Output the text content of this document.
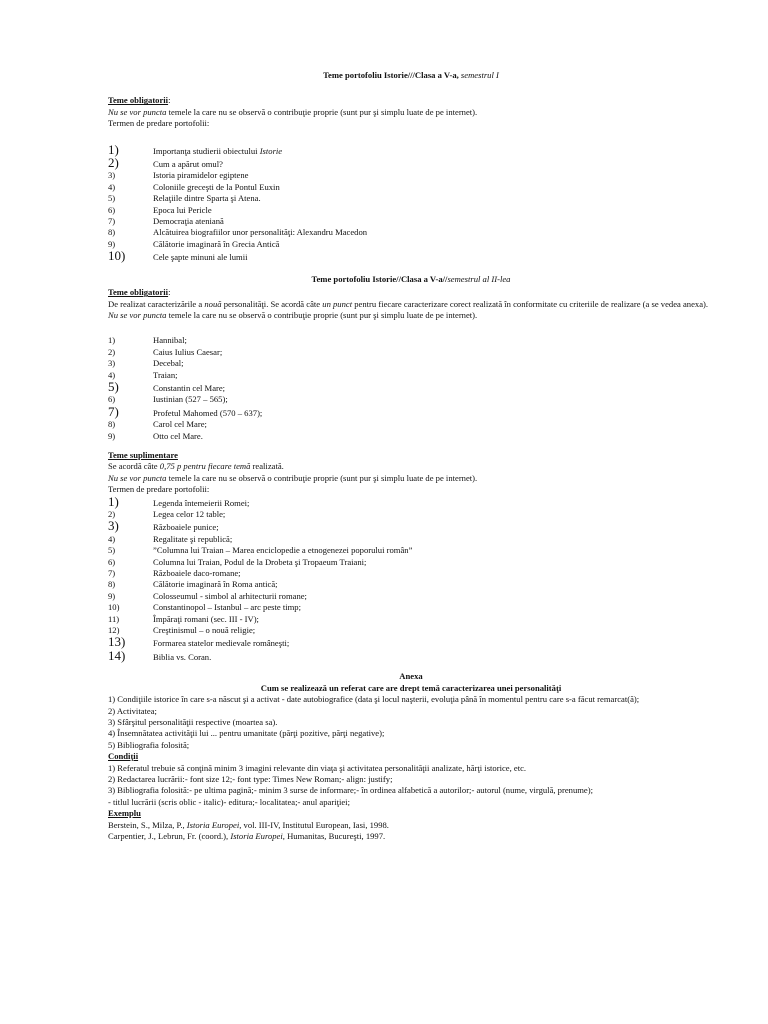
Teme portofoliu Istorie///Clasa a V-a, semestrul I
Teme obligatorii:
Nu se vor puncta temele la care nu se observă o contribuţie proprie (sunt pur şi simplu luate de pe internet).
Termen de predare portofolii:
1)	Importanţa studierii obiectului Istorie
2)	Cum a apărut omul?
3)	Istoria piramidelor egiptene
4)	Coloniile greceşti de la Pontul Euxin
5)	Relaţiile dintre Sparta şi Atena.
6)	Epoca lui Pericle
7)	Democraţia ateniană
8)	Alcătuirea biografiilor unor personalităţi: Alexandru Macedon
9)	Călătorie imaginară în Grecia Antică
10)	Cele şapte minuni ale lumii
Teme portofoliu Istorie//Clasa a V-a//semestrul al II-lea
Teme obligatorii:
De realizat caracterizările a nouă personalităţi. Se acordă câte un punct pentru fiecare caracterizare corect realizată în conformitate cu criteriile de realizare (a se vedea anexa).
Nu se vor puncta temele la care nu se observă o contribuţie proprie (sunt pur şi simplu luate de pe internet).
1)	Hannibal;
2)	Caius Iulius Caesar;
3)	Decebal;
4)	Traian;
5)	Constantin cel Mare;
6)	Iustinian (527 – 565);
7)	Profetul Mahomed (570 – 637);
8)	Carol cel Mare;
9)	Otto cel Mare.
Teme suplimentare
Se acordă câte 0,75 p pentru fiecare temă realizată.
Nu se vor puncta temele la care nu se observă o contribuţie proprie (sunt pur şi simplu luate de pe internet).
Termen de predare portofolii:
1)	Legenda întemeierii Romei;
2)	Legea celor 12 table;
3)	Războaiele punice;
4)	Regalitate şi republică;
5)	”Columna lui Traian – Marea enciclopedie a etnogenezei poporului român”
6)	Columna lui Traian, Podul de la Drobeta şi Tropaeum Traiani;
7)	Războaiele daco-romane;
8)	Călătorie imaginară în Roma antică;
9)	Colosseumul - simbol al arhitecturii romane;
10)	Constantinopol – Istanbul – arc peste timp;
11)	Împăraţi romani (sec. III - IV);
12)	Creştinismul – o nouă religie;
13)	Formarea statelor medievale româneşti;
14)	Biblia vs. Coran.
Anexa
Cum se realizează un referat care are drept temă caracterizarea unei personalităţi
1) Condiţiile istorice în care s-a născut şi a activat - date autobiografice (data şi locul naşterii, evoluţia până în momentul pentru care s-a făcut remarcat(ă);
2) Activitatea;
3) Sfârşitul personalităţii respective (moartea sa).
4) Însemnătatea activităţii lui ... pentru umanitate (părţi pozitive, părţi negative);
5) Bibliografia folosită;
Condiţii
1) Referatul trebuie să conţină minim 3 imagini relevante din viaţa şi activitatea personalităţii analizate, hărţi istorice, etc.
2) Redactarea lucrării:- font size 12;- font type: Times New Roman;- align: justify;
3) Bibliografia folosită:- pe ultima pagină;- minim 3 surse de informare;- în ordinea alfabetică a autorilor;- autorul (nume, virgulă, prenume);
- titlul lucrării (scris oblic - italic)- editura;- localitatea;- anul apariţiei;
Exemplu
Berstein, S., Milza, P., Istoria Europei, vol. III-IV, Institutul European, Iasi, 1998.
Carpentier, J., Lebrun, Fr. (coord.), Istoria Europei, Humanitas, Bucureşti, 1997.
